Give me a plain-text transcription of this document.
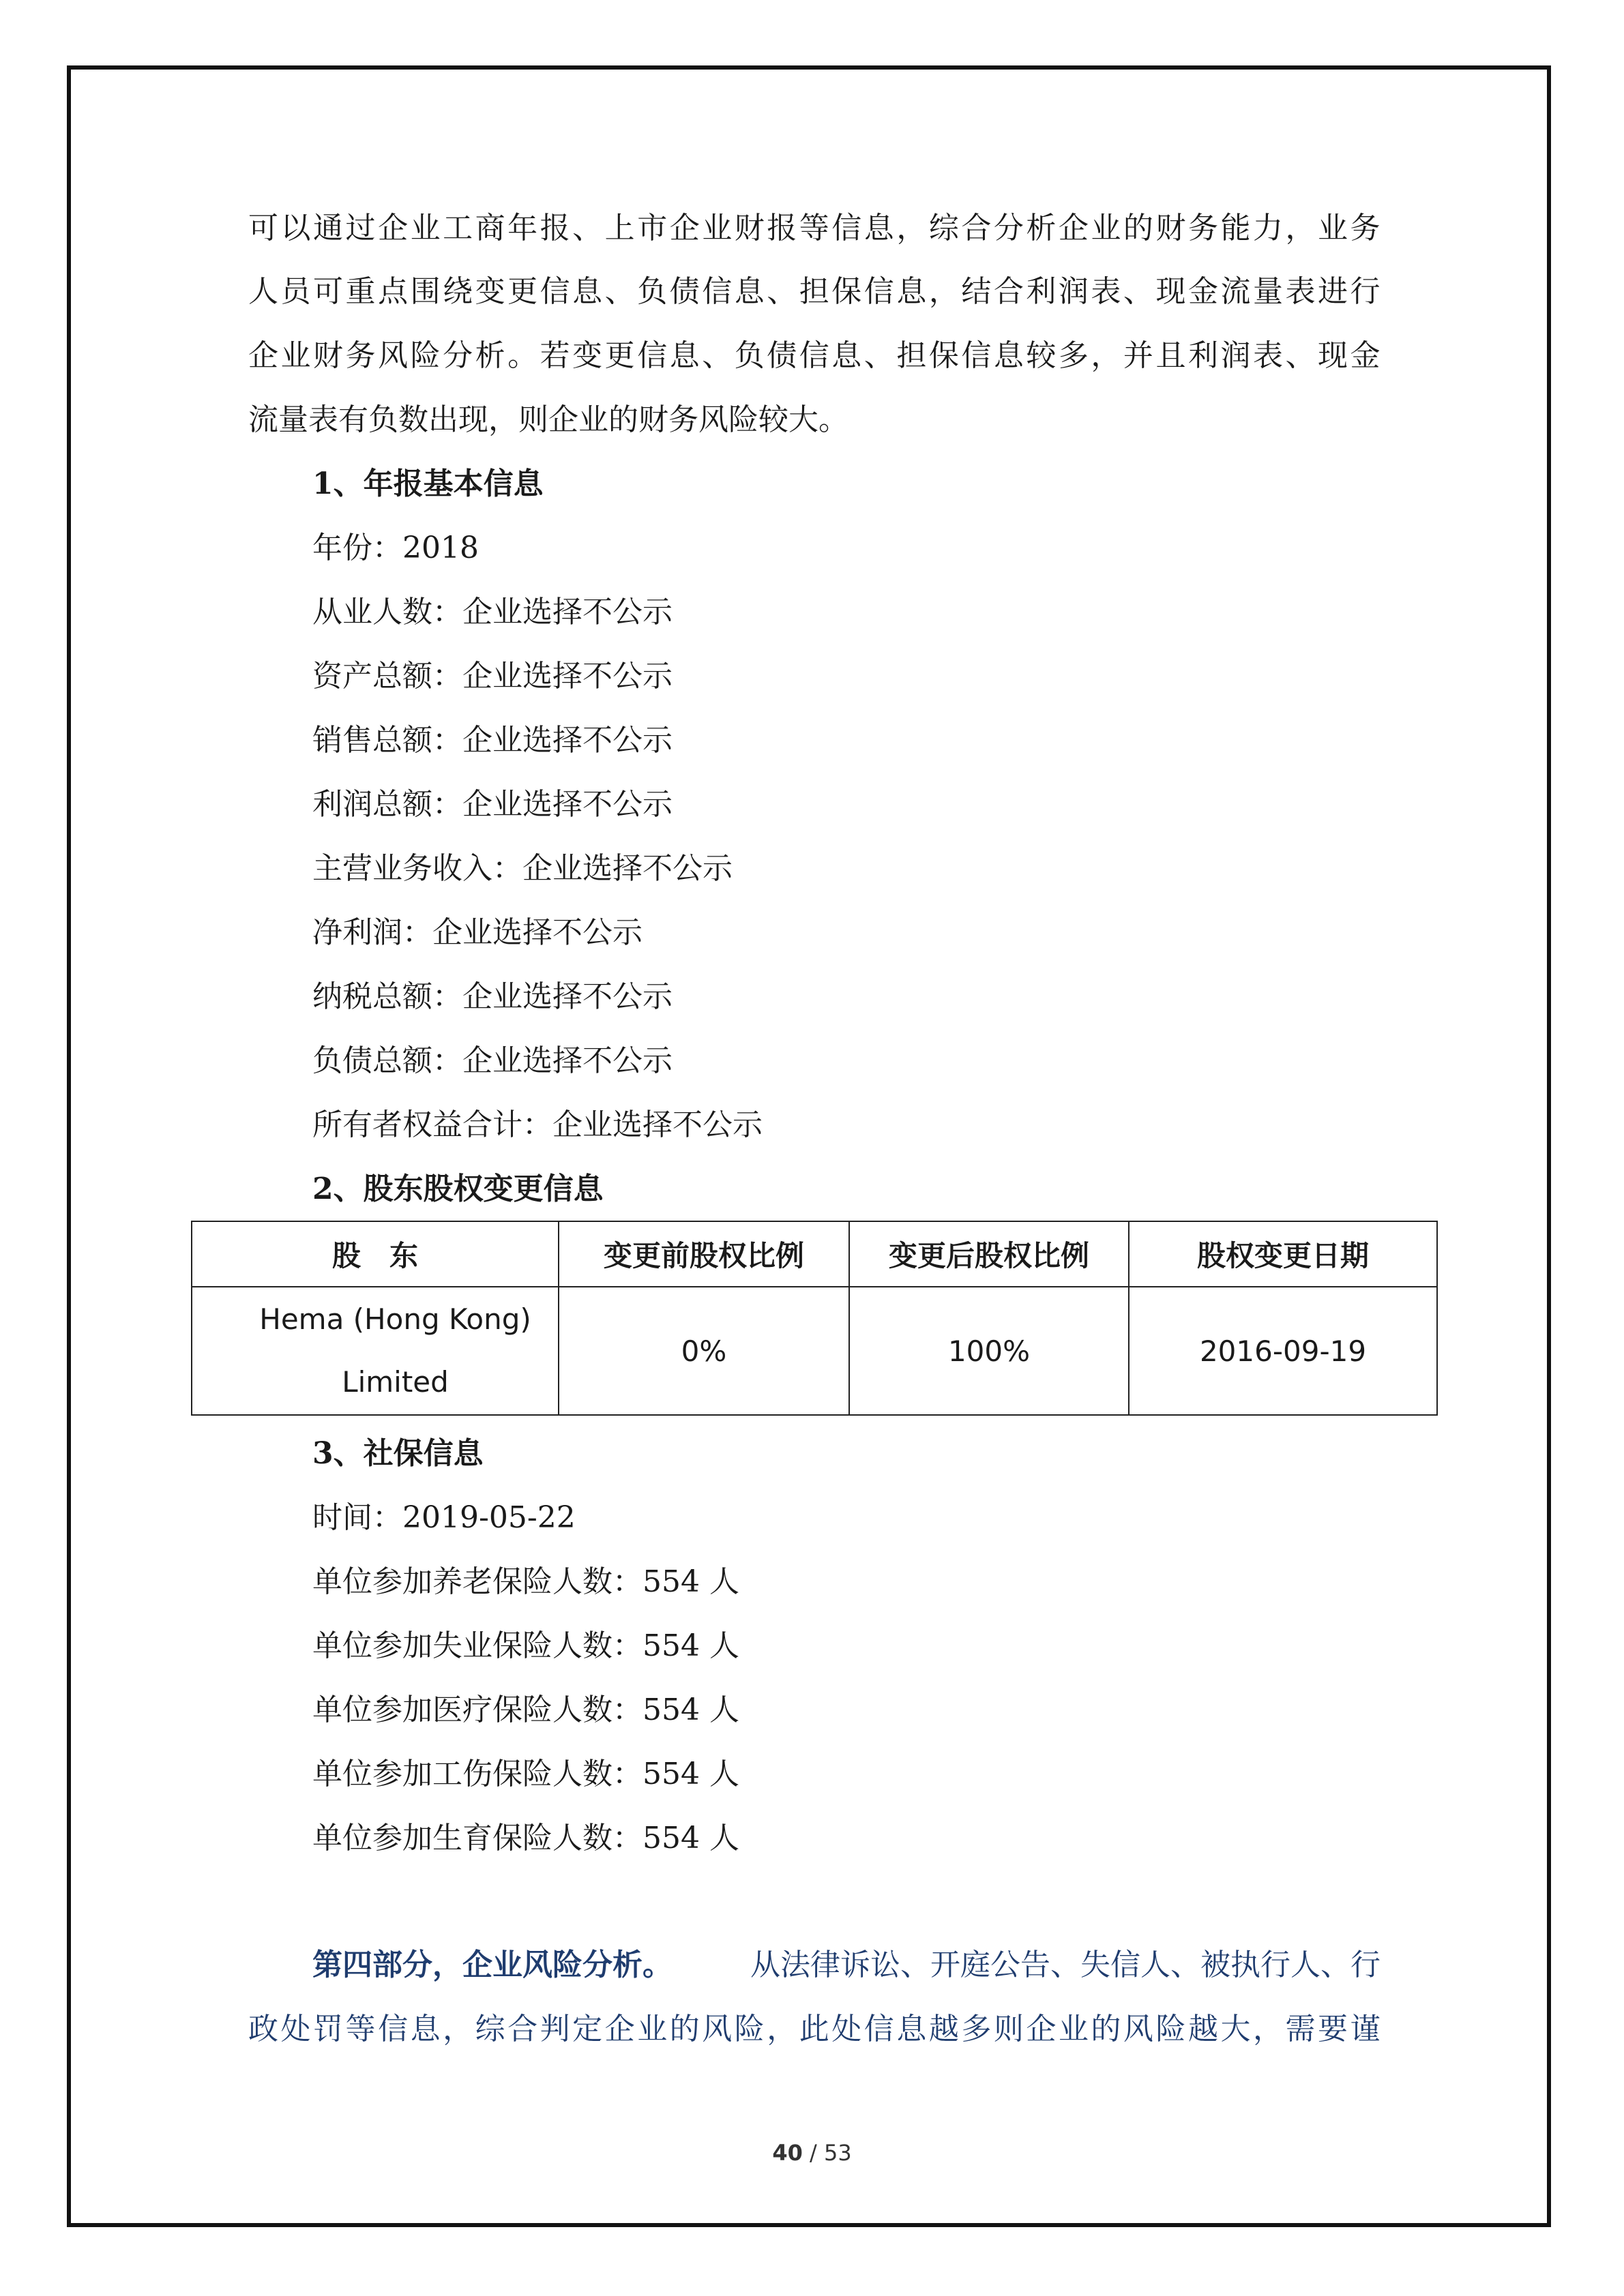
可 以 通 过 企 业 工 商 年 报 、 上 市 企 业 财 报 等 信 息 ， 综 合 分 析 企 业 的 财 务 能 力 ， 业 务
人 员 可 重 点 围 绕 变 更 信 息 、 负 债 信 息 、 担 保 信 息 ， 结 合 利 润 表 、 现 金 流 量 表 进 行
企 业 财 务 风 险 分 析 。 若 变 更 信 息 、 负 债 信 息 、 担 保 信 息 较 多 ， 并 且 利 润 表 、 现 金
流量表有负数出现，则企业的财务风险较大。
1、年报基本信息
年份：2018
从业人数：企业选择不公示
资产总额：企业选择不公示
销售总额：企业选择不公示
利润总额：企业选择不公示
主营业务收入：企业选择不公示
净利润：企业选择不公示
纳税总额：企业选择不公示
负债总额：企业选择不公示
所有者权益合计：企业选择不公示
2、股东股权变更信息
股　东	变更前股权比例	变更后股权比例	股权变更日期

Hema (Hong Kong)
Limited	0%	100%	2016-09-19
3、社保信息
时间：2019-05-22
单位参加养老保险人数：554 人
单位参加失业保险人数：554 人
单位参加医疗保险人数：554 人
单位参加工伤保险人数：554 人
单位参加生育保险人数：554 人
第四部分，企业风险分析。	从法律诉讼、开庭公告、失信人、被执行人、行
政 处 罚 等 信 息 ， 综 合 判 定 企 业 的 风 险 ， 此 处 信 息 越 多 则 企 业 的 风 险 越 大 ， 需 要 谨
40 / 53
